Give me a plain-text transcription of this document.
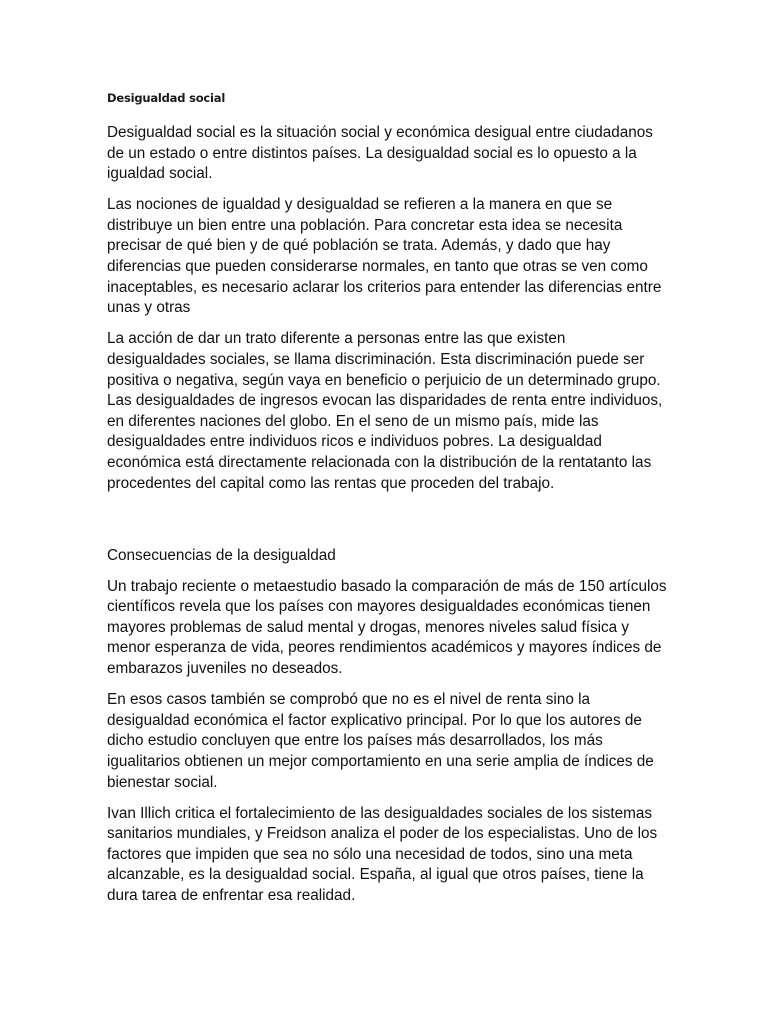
Desigualdad social

Desigualdad social es la situación social y económica desigual entre ciudadanos de un estado o entre distintos países. La desigualdad social es lo opuesto a la igualdad social.

Las nociones de igualdad y desigualdad se refieren a la manera en que se distribuye un bien entre una población. Para concretar esta idea se necesita precisar de qué bien y de qué población se trata. Además, y dado que hay diferencias que pueden considerarse normales, en tanto que otras se ven como inaceptables, es necesario aclarar los criterios para entender las diferencias entre unas y otras

La acción de dar un trato diferente a personas entre las que existen desigualdades sociales, se llama discriminación. Esta discriminación puede ser positiva o negativa, según vaya en beneficio o perjuicio de un determinado grupo. Las desigualdades de ingresos evocan las disparidades de renta entre individuos, en diferentes naciones del globo. En el seno de un mismo país, mide las desigualdades entre individuos ricos e individuos pobres. La desigualdad económica está directamente relacionada con la distribución de la rentatanto las procedentes del capital como las rentas que proceden del trabajo.

Consecuencias de la desigualdad

Un trabajo reciente o metaestudio basado la comparación de más de 150 artículos científicos revela que los países con mayores desigualdades económicas tienen mayores problemas de salud mental y drogas, menores niveles salud física y menor esperanza de vida, peores rendimientos académicos y mayores índices de embarazos juveniles no deseados.

En esos casos también se comprobó que no es el nivel de renta sino la desigualdad económica el factor explicativo principal. Por lo que los autores de dicho estudio concluyen que entre los países más desarrollados, los más igualitarios obtienen un mejor comportamiento en una serie amplia de índices de bienestar social.

Ivan Illich critica el fortalecimiento de las desigualdades sociales de los sistemas sanitarios mundiales, y Freidson analiza el poder de los especialistas. Uno de los factores que impiden que sea no sólo una necesidad de todos, sino una meta alcanzable, es la desigualdad social. España, al igual que otros países, tiene la dura tarea de enfrentar esa realidad.
